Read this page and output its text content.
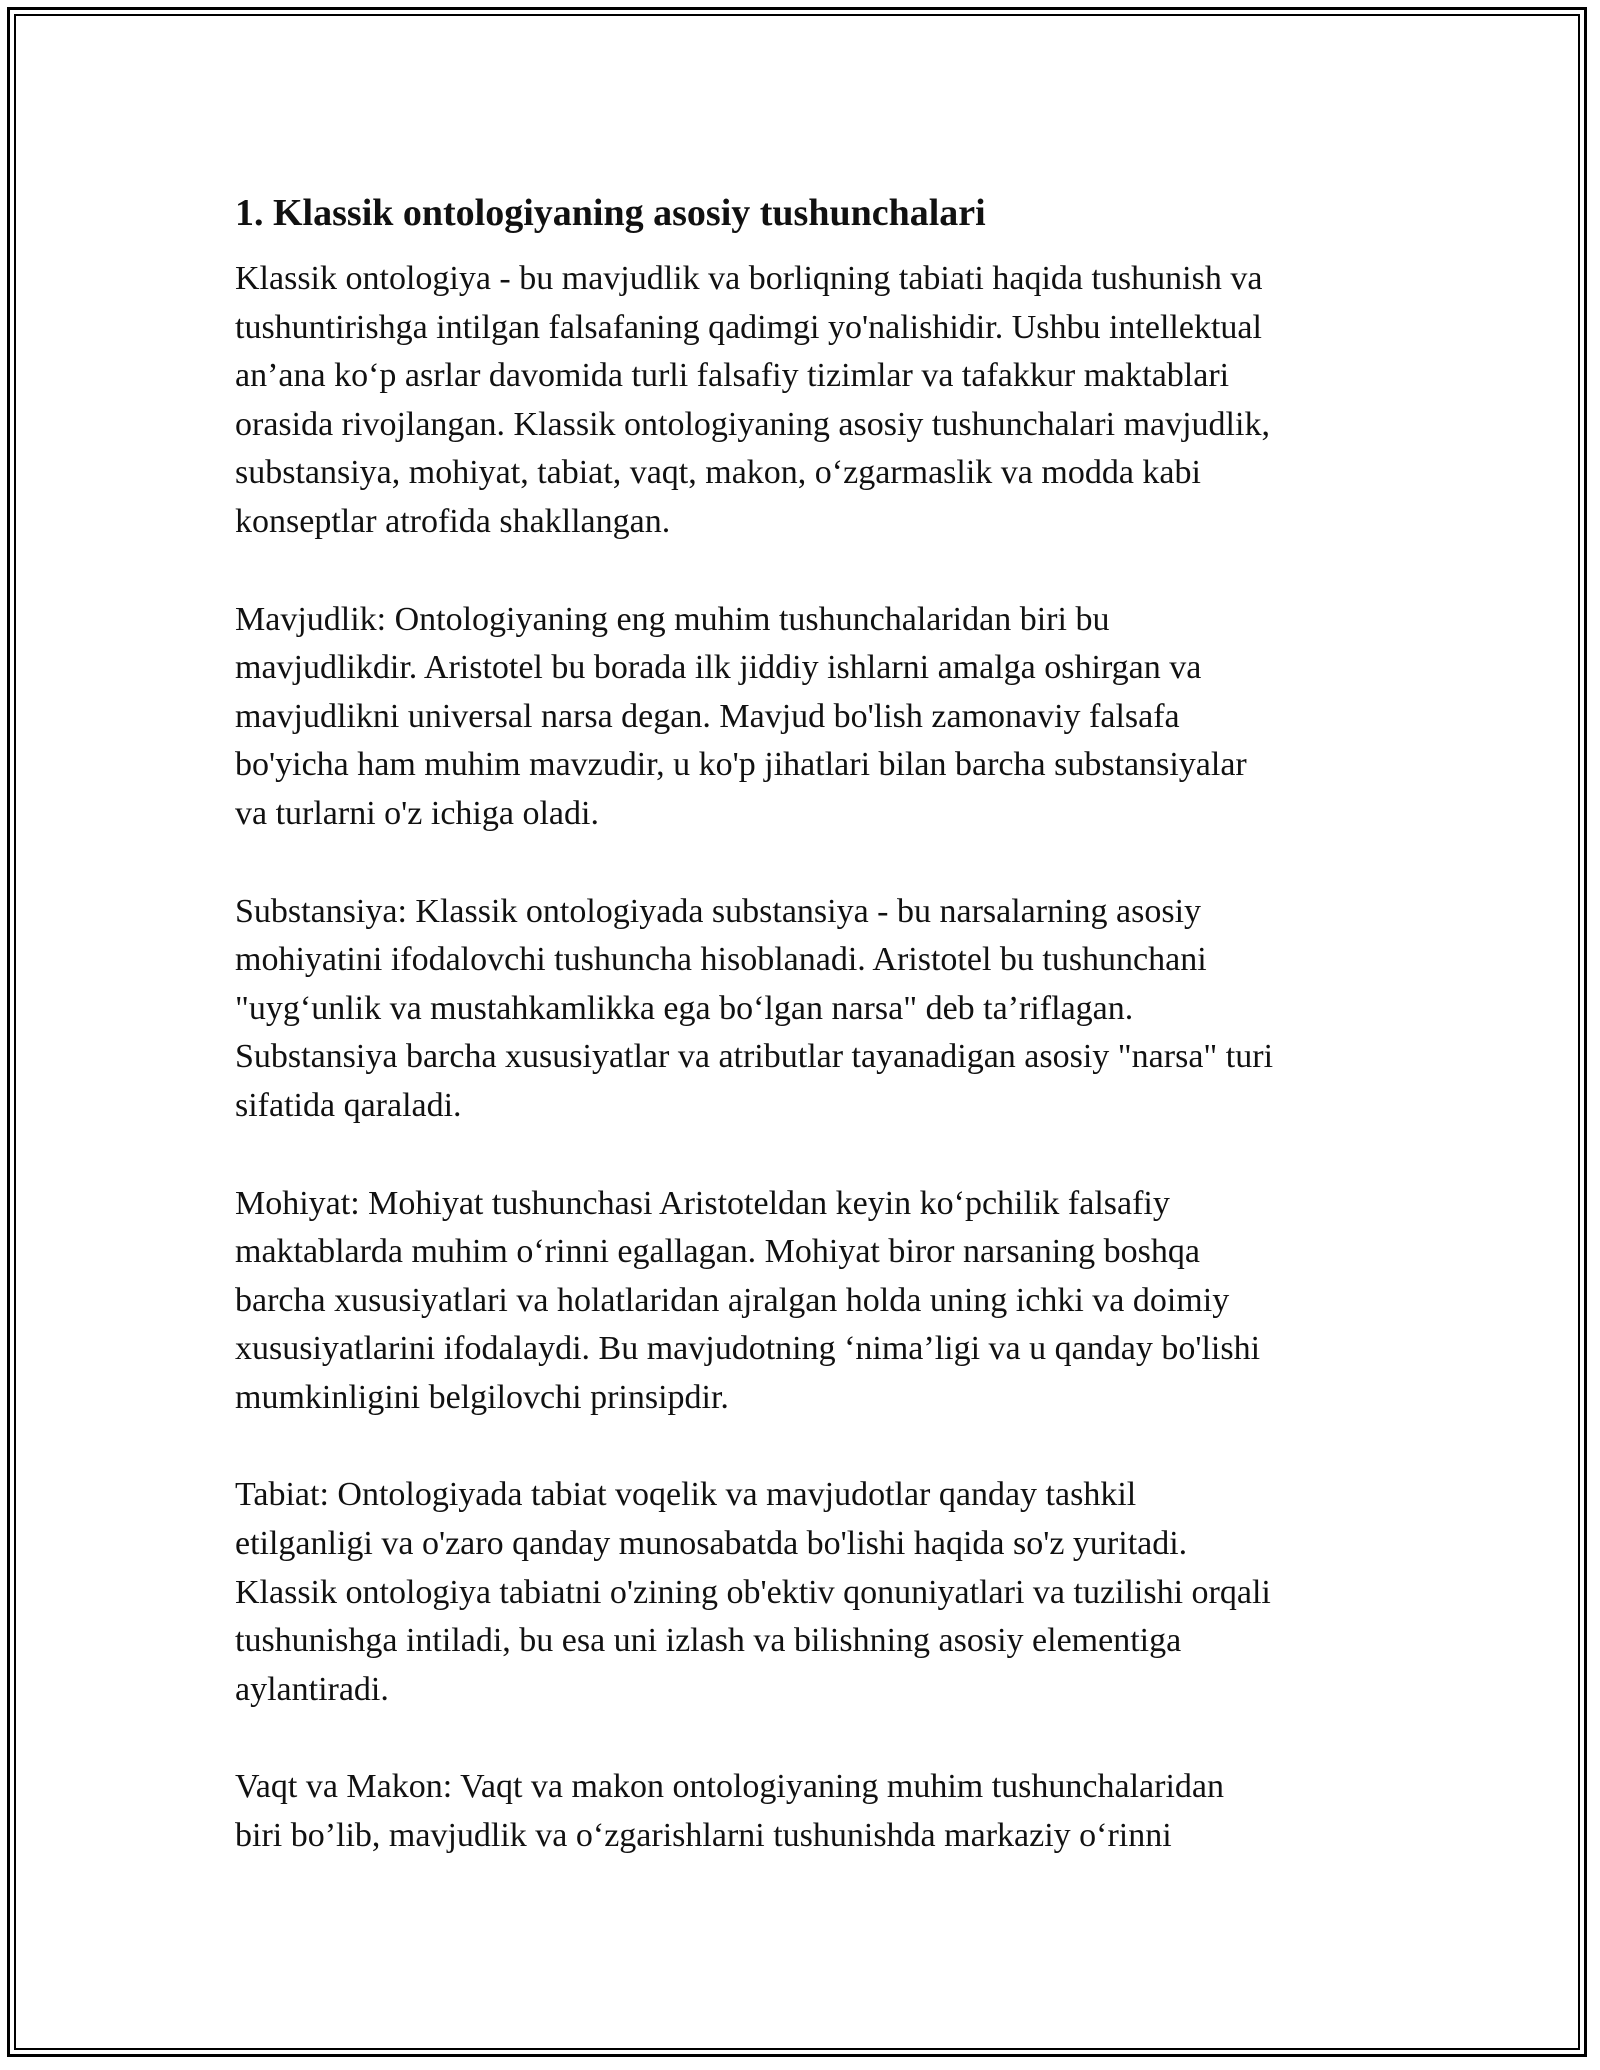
1. Klassik ontologiyaning asosiy tushunchalari

Klassik ontologiya - bu mavjudlik va borliqning tabiati haqida tushunish va
tushuntirishga intilgan falsafaning qadimgi yo'nalishidir. Ushbu intellektual
an’ana ko‘p asrlar davomida turli falsafiy tizimlar va tafakkur maktablari
orasida rivojlangan. Klassik ontologiyaning asosiy tushunchalari mavjudlik,
substansiya, mohiyat, tabiat, vaqt, makon, o‘zgarmaslik va modda kabi
konseptlar atrofida shakllangan.

Mavjudlik: Ontologiyaning eng muhim tushunchalaridan biri bu
mavjudlikdir. Aristotel bu borada ilk jiddiy ishlarni amalga oshirgan va
mavjudlikni universal narsa degan. Mavjud bo'lish zamonaviy falsafa
bo'yicha ham muhim mavzudir, u ko'p jihatlari bilan barcha substansiyalar
va turlarni o'z ichiga oladi.

Substansiya: Klassik ontologiyada substansiya - bu narsalarning asosiy
mohiyatini ifodalovchi tushuncha hisoblanadi. Aristotel bu tushunchani
"uyg‘unlik va mustahkamlikka ega bo‘lgan narsa" deb ta’riflagan.
Substansiya barcha xususiyatlar va atributlar tayanadigan asosiy "narsa" turi
sifatida qaraladi.

Mohiyat: Mohiyat tushunchasi Aristoteldan keyin ko‘pchilik falsafiy
maktablarda muhim o‘rinni egallagan. Mohiyat biror narsaning boshqa
barcha xususiyatlari va holatlaridan ajralgan holda uning ichki va doimiy
xususiyatlarini ifodalaydi. Bu mavjudotning ‘nima’ligi va u qanday bo'lishi
mumkinligini belgilovchi prinsipdir.

Tabiat: Ontologiyada tabiat voqelik va mavjudotlar qanday tashkil
etilganligi va o'zaro qanday munosabatda bo'lishi haqida so'z yuritadi.
Klassik ontologiya tabiatni o'zining ob'ektiv qonuniyatlari va tuzilishi orqali
tushunishga intiladi, bu esa uni izlash va bilishning asosiy elementiga
aylantiradi.

Vaqt va Makon: Vaqt va makon ontologiyaning muhim tushunchalaridan
biri bo’lib, mavjudlik va o‘zgarishlarni tushunishda markaziy o‘rinni
